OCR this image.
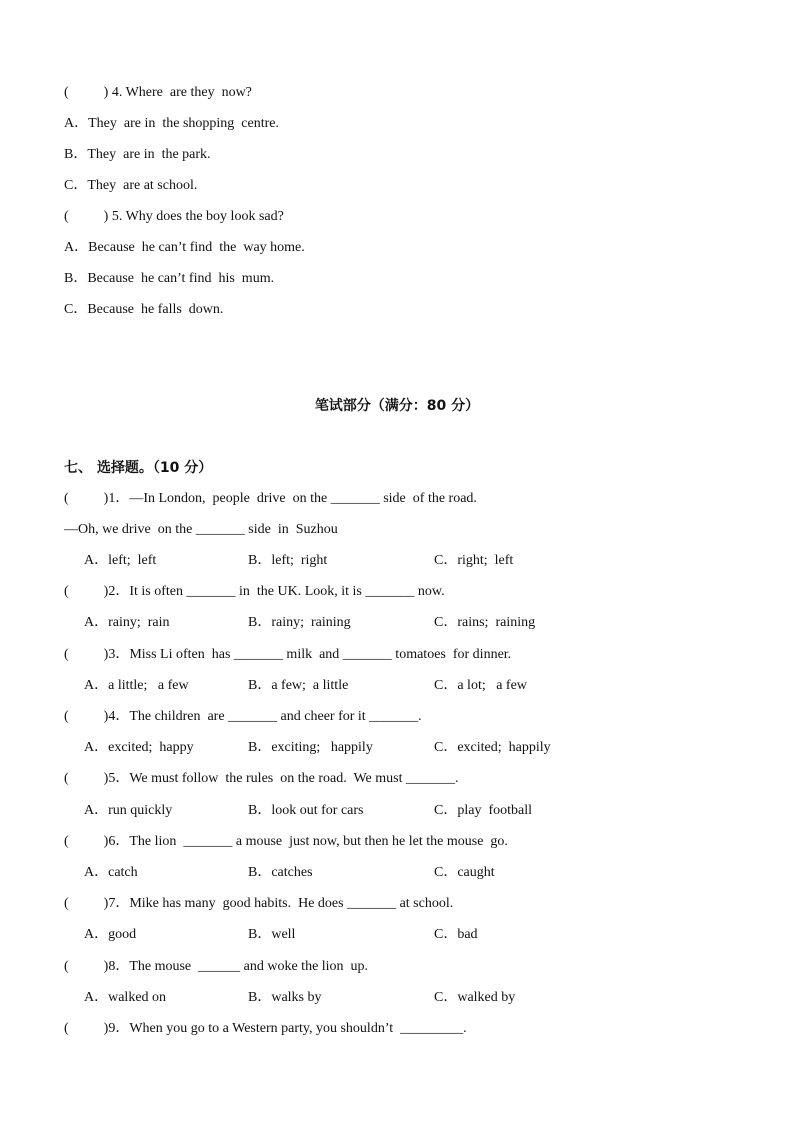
(          ) 4. Where  are they  now?
A．They  are in  the shopping  centre.
B．They  are in  the park.
C．They  are at school.
(          ) 5. Why does the boy look sad?
A．Because  he can’t find  the  way home.
B．Because  he can’t find  his  mum.
C．Because  he falls  down.
笔试部分（满分：80 分）
七、 选择题。（10 分）
(          )1．—In London,  people  drive  on the _______ side  of the road.
—Oh, we drive  on the _______ side  in  Suzhou

A．left;  left

	B．left;  right

	C．right;  left

(          )2．It is often _______ in  the UK. Look, it is _______ now.

A．rainy;  rain

	B．rainy;  raining

	C．rains;  raining

(          )3．Miss Li often  has _______ milk  and _______ tomatoes  for dinner.

A．a little;   a few

	B．a few;  a little

	C．a lot;   a few

(          )4．The children  are _______ and cheer for it _______.

A．excited;  happy

	B．exciting;   happily

	C．excited;  happily

(          )5．We must follow  the rules  on the road.  We must _______.

A．run quickly

	B．look out for cars

	C．play  football

(          )6．The lion  _______ a mouse  just now, but then he let the mouse  go.

A．catch

	B．catches

	C．caught

(          )7．Mike has many  good habits.  He does _______ at school.

A．good

	B．well

	C．bad

(          )8．The mouse  ______ and woke the lion  up.

A．walked on

	B．walks by

	C．walked by

(          )9．When you go to a Western party, you shouldn’t  _________.
